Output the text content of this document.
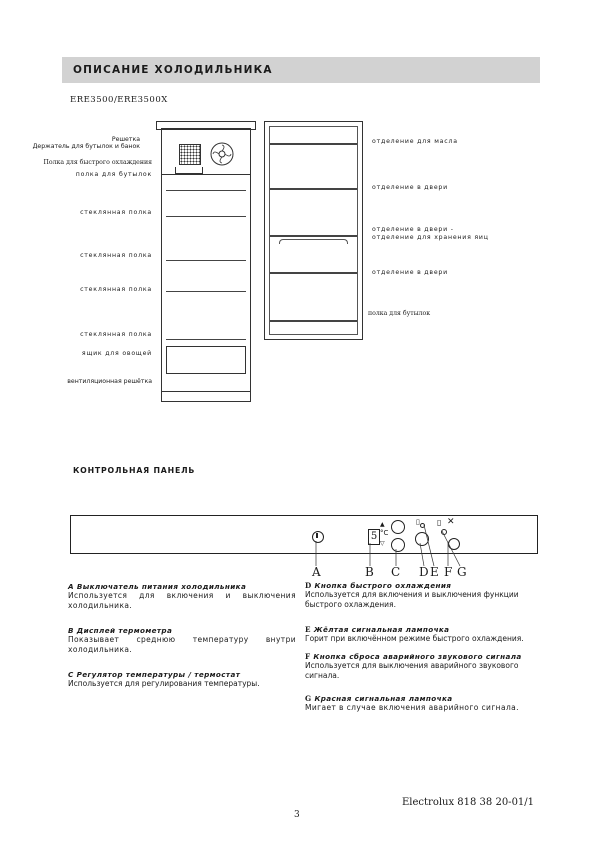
ОПИСАНИЕ ХОЛОДИЛЬНИКА
ERE3500/ERE3500X
Решетка
Держатель для бутылок и банок
Полка для быстрого охлаждения
полка для бутылок
стеклянная полка
стеклянная полка
стеклянная полка
стеклянная полка
ящик для овощей
вентиляционная решётка
отделение для масла
отделение в двери
отделение в двери -
отделение для хранения яиц
отделение в двери
полка для бутылок
КОНТРОЛЬНАЯ ПАНЕЛЬ
5 °C
▲
▽
▯ ▯ ✕
A	B C D E F G
A Выключатель питания холодильника
Используется для включения и выключения холодильника.
B Дисплей термометра
Показывает среднюю температуру внутри холодильника.
C Регулятор температуры / термостат
Используется для регулирования температуры.
D Кнопка быстрого охлаждения
Используется для включения и выключения функции быстрого охлаждения.
E Жёлтая сигнальная лампочка
Горит при включённом режиме быстрого охлаждения.
F Кнопка сброса аварийного звукового сигнала
Используется для выключения аварийного звукового сигнала.
G Красная сигнальная лампочка
Мигает в случае включения аварийного сигнала.
Electrolux 818 38 20-01/1
3
